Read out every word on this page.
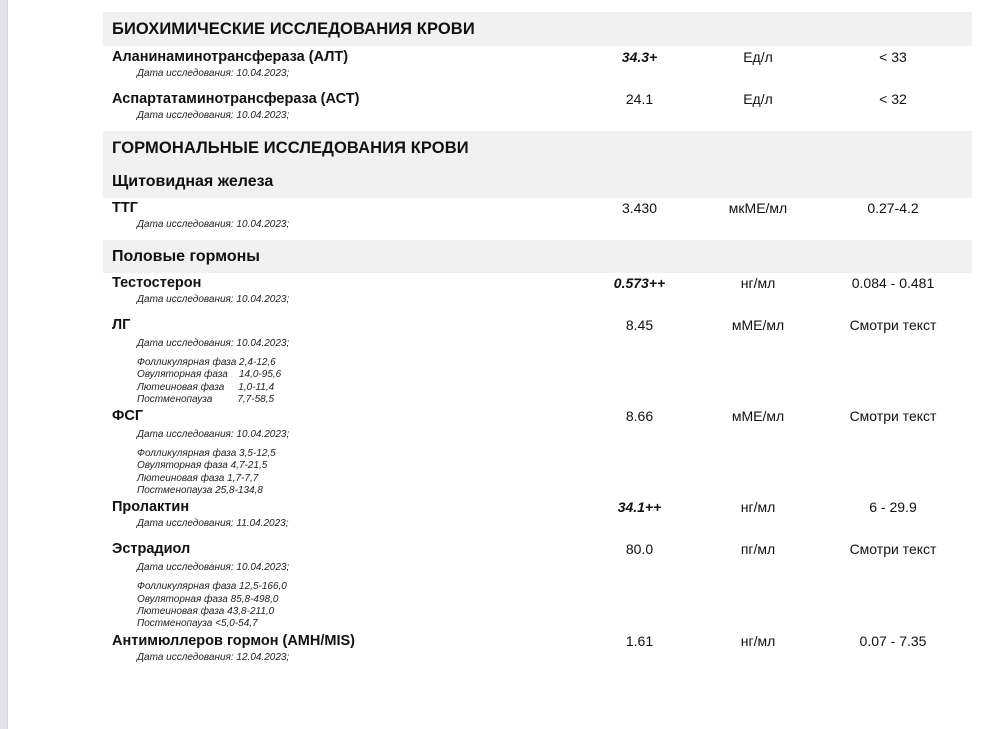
БИОХИМИЧЕСКИЕ ИССЛЕДОВАНИЯ КРОВИ
Аланинаминотрансфераза (АЛТ)	34.3+	Ед/л	< 33
Дата исследования: 10.04.2023;
Аспартатаминотрансфераза (АСТ)	24.1	Ед/л	< 32
Дата исследования: 10.04.2023;
ГОРМОНАЛЬНЫЕ ИССЛЕДОВАНИЯ КРОВИ
Щитовидная железа
ТТГ	3.430	мкМЕ/мл	0.27-4.2
Дата исследования: 10.04.2023;
Половые гормоны
Тестостерон	0.573++	нг/мл	0.084 - 0.481
Дата исследования: 10.04.2023;
ЛГ	8.45	мМЕ/мл	Смотри текст
Дата исследования: 10.04.2023;
Фолликулярная фаза 2,4-12,6
Овуляторная фаза    14,0-95,6
Лютеиновая фаза     1,0-11,4
Постменопауза         7,7-58,5
ФСГ	8.66	мМЕ/мл	Смотри текст
Дата исследования: 10.04.2023;
Фолликулярная фаза 3,5-12,5
Овуляторная фаза 4,7-21,5
Лютеиновая фаза 1,7-7,7
Постменопауза 25,8-134,8
Пролактин	34.1++	нг/мл	6 - 29.9
Дата исследования: 11.04.2023;
Эстрадиол	80.0	пг/мл	Смотри текст
Дата исследования: 10.04.2023;
Фолликулярная фаза 12,5-166,0
Овуляторная фаза 85,8-498,0
Лютеиновая фаза 43,8-211,0
Постменопауза <5,0-54,7
Антимюллеров гормон (АМН/MIS)	1.61	нг/мл	0.07 - 7.35
Дата исследования: 12.04.2023;
